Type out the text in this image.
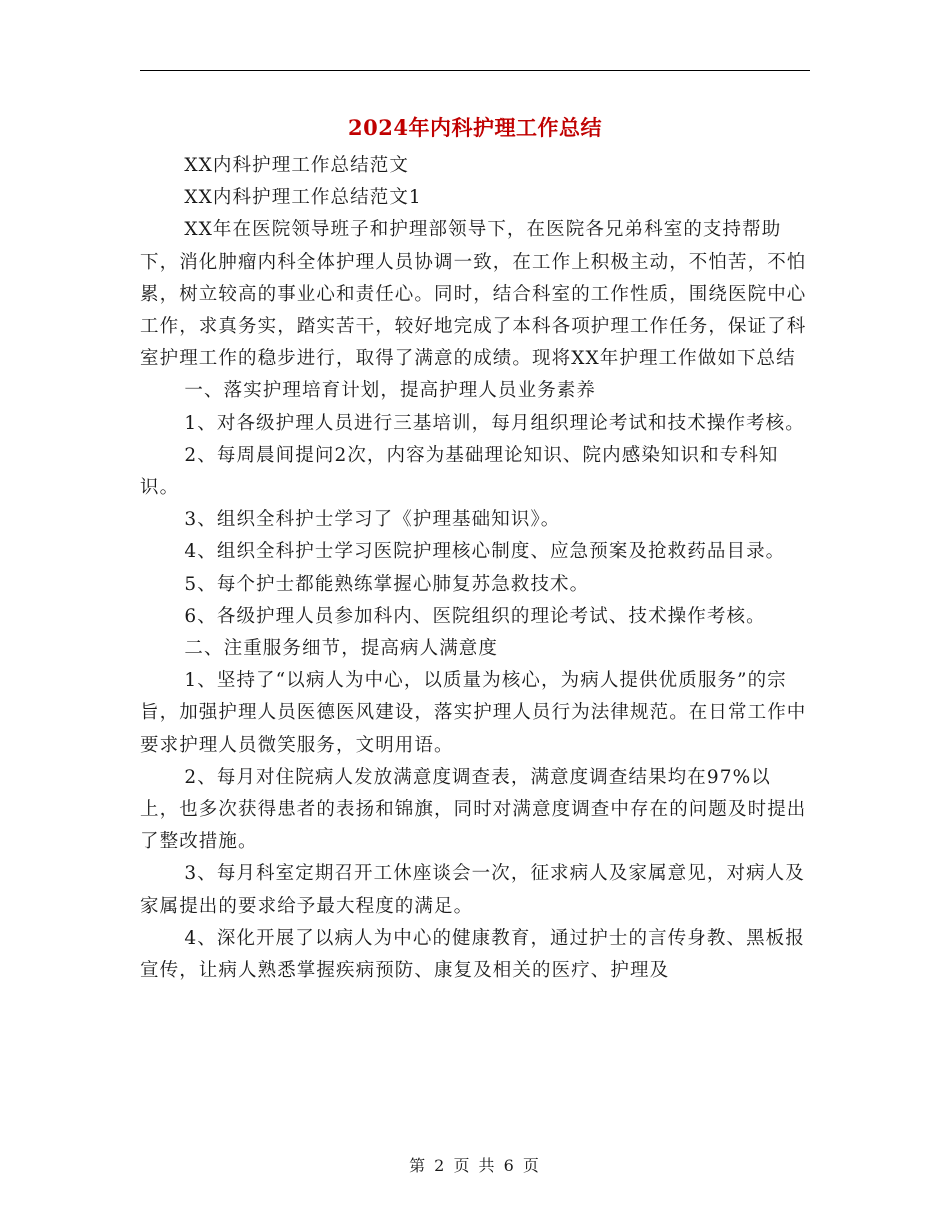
2024年内科护理工作总结

XX内科护理工作总结范文

XX内科护理工作总结范文1

XX年在医院领导班子和护理部领导下，在医院各兄弟科室的支持帮助下，消化肿瘤内科全体护理人员协调一致，在工作上积极主动，不怕苦，不怕累，树立较高的事业心和责任心。同时，结合科室的工作性质，围绕医院中心工作，求真务实，踏实苦干，较好地完成了本科各项护理工作任务，保证了科室护理工作的稳步进行，取得了满意的成绩。现将XX年护理工作做如下总结

一、落实护理培育计划，提高护理人员业务素养

1、对各级护理人员进行三基培训，每月组织理论考试和技术操作考核。

2、每周晨间提问2次，内容为基础理论知识、院内感染知识和专科知识。

3、组织全科护士学习了《护理基础知识》。

4、组织全科护士学习医院护理核心制度、应急预案及抢救药品目录。

5、每个护士都能熟练掌握心肺复苏急救技术。

6、各级护理人员参加科内、医院组织的理论考试、技术操作考核。

二、注重服务细节，提高病人满意度

1、坚持了“以病人为中心，以质量为核心，为病人提供优质服务”的宗旨，加强护理人员医德医风建设，落实护理人员行为法律规范。在日常工作中要求护理人员微笑服务，文明用语。

2、每月对住院病人发放满意度调查表，满意度调查结果均在97%以上，也多次获得患者的表扬和锦旗，同时对满意度调查中存在的问题及时提出了整改措施。

3、每月科室定期召开工休座谈会一次，征求病人及家属意见，对病人及家属提出的要求给予最大程度的满足。

4、深化开展了以病人为中心的健康教育，通过护士的言传身教、黑板报宣传，让病人熟悉掌握疾病预防、康复及相关的医疗、护理及

第 2 页 共 6 页
